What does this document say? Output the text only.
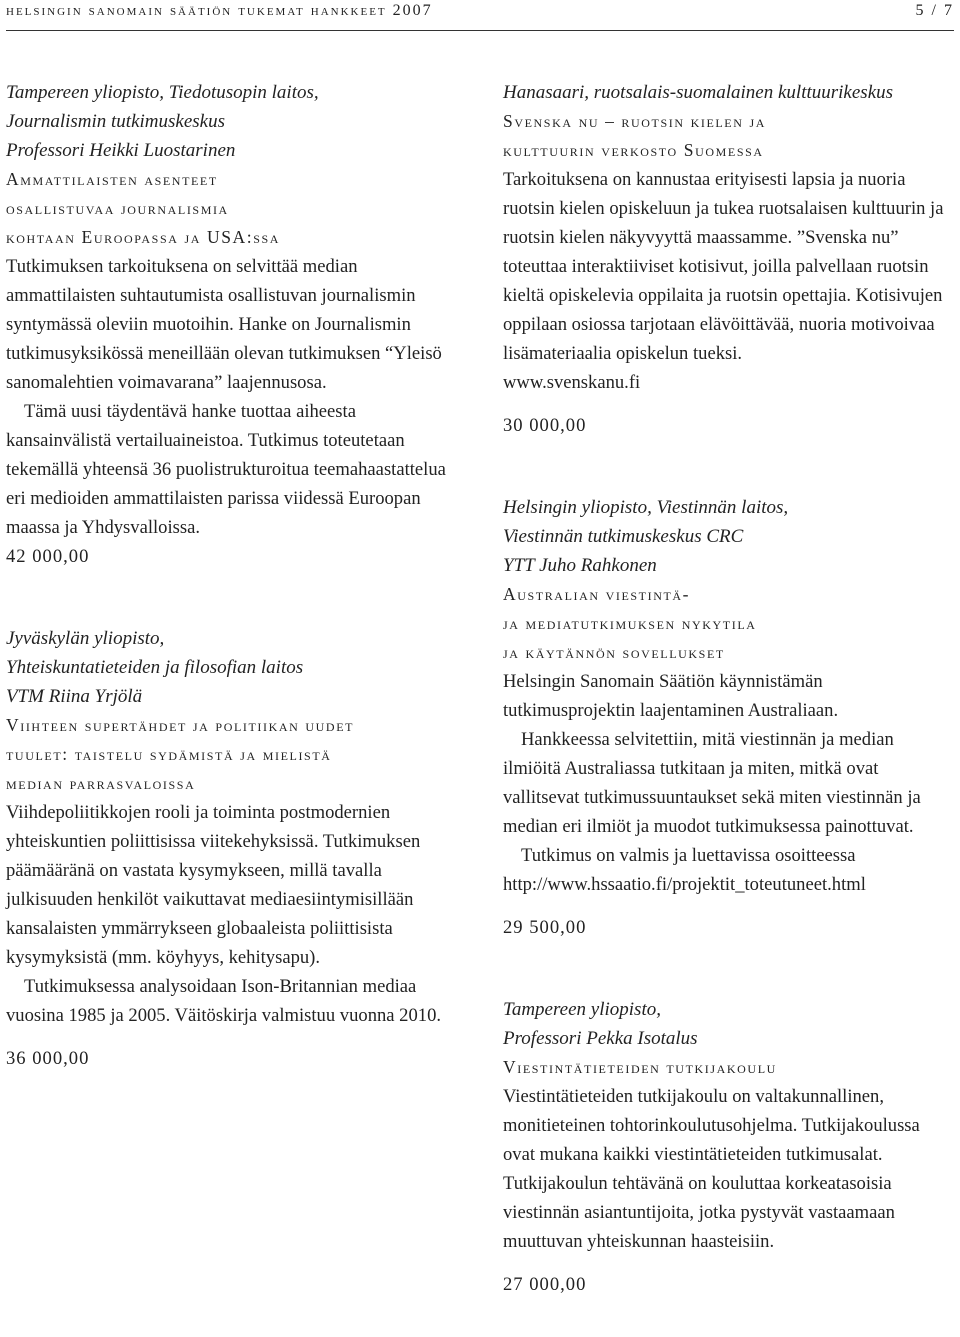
helsingin sanomain säätiön tukemat hankkeet 2007	5 / 7
Tampereen yliopisto, Tiedotusopin laitos,
Journalismin tutkimuskeskus
Professori Heikki Luostarinen
Ammattilaisten asenteet
osallistuvaa journalismia
kohtaan Euroopassa ja USA:ssa

Tutkimuksen tarkoituksena on selvittää median ammattilaisten suhtautumista osallistuvan journalismin syntymässä oleviin muotoihin. Hanke on Journalismin tutkimusyksikössä meneillään olevan tutkimuksen “Yleisö sanomalehtien voimavarana” laajennusosa.

Tämä uusi täydentävä hanke tuottaa aiheesta kansainvälistä vertailuaineistoa. Tutkimus toteutetaan tekemällä yhteensä 36 puolistrukturoitua teemahaastattelua eri medioiden ammattilaisten parissa viidessä Euroopan maassa ja Yhdysvalloissa.

42 000,00
Jyväskylän yliopisto,
Yhteiskuntatieteiden ja filosofian laitos
VTM Riina Yrjölä
Viihteen supertähdet ja politiikan uudet
tuulet: taistelu sydämistä ja mielistä
median parrasvaloissa

Viihdepoliitikkojen rooli ja toiminta postmodernien yhteiskuntien poliittisissa viitekehyksissä. Tutkimuksen päämääränä on vastata kysymykseen, millä tavalla julkisuuden henkilöt vaikuttavat mediaesiintymisillään kansalaisten ymmärrykseen globaaleista poliittisista kysymyksistä (mm. köyhyys, kehitysapu).

Tutkimuksessa analysoidaan Ison-Britannian mediaa vuosina 1985 ja 2005. Väitöskirja valmistuu vuonna 2010.

36 000,00
Hanasaari, ruotsalais-suomalainen kulttuurikeskus
Svenska nu – ruotsin kielen ja
kulttuurin verkosto Suomessa

Tarkoituksena on kannustaa erityisesti lapsia ja nuoria ruotsin kielen opiskeluun ja tukea ruotsalaisen kulttuurin ja ruotsin kielen näkyvyyttä maassamme. ”Svenska nu” toteuttaa interaktiiviset kotisivut, joilla palvellaan ruotsin kieltä opiskelevia oppilaita ja ruotsin opettajia. Kotisivujen oppilaan osiossa tarjotaan elävöittävää, nuoria motivoivaa lisämateriaalia opiskelun tueksi.

www.svenskanu.fi

30 000,00
Helsingin yliopisto, Viestinnän laitos,
Viestinnän tutkimuskeskus CRC
YTT Juho Rahkonen
Australian viestintä-
ja mediatutkimuksen nykytila
ja käytännön sovellukset

Helsingin Sanomain Säätiön käynnistämän tutkimusprojektin laajentaminen Australiaan.

Hankkeessa selvitettiin, mitä viestinnän ja median ilmiöitä Australiassa tutkitaan ja miten, mitkä ovat vallitsevat tutkimussuuntaukset sekä miten viestinnän ja median eri ilmiöt ja muodot tutkimuksessa painottuvat.

Tutkimus on valmis ja luettavissa osoitteessa http://www.hssaatio.fi/projektit_toteutuneet.html

29 500,00
Tampereen yliopisto,
Professori Pekka Isotalus
Viestintätieteiden tutkijakoulu

Viestintätieteiden tutkijakoulu on valtakunnallinen, monitieteinen tohtorinkoulutusohjelma. Tutkijakoulussa ovat mukana kaikki viestintätieteiden tutkimusalat. Tutkijakoulun tehtävänä on kouluttaa korkeatasoisia viestinnän asiantuntijoita, jotka pystyvät vastaamaan muuttuvan yhteiskunnan haasteisiin.

27 000,00
